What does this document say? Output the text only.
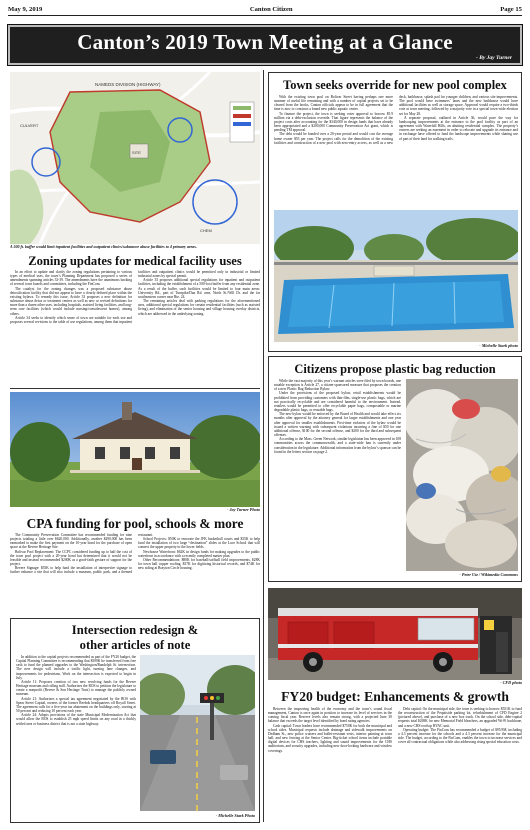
May 9, 2019	Canton Citizen	Page 15
Canton’s 2019 Town Meeting at a Glance
- By Jay Turner
NAMEDS DIVISION (HIGHWAY)
CULVERT
SITE
CHEM
A 500 ft. buffer would limit inpatient facilities and outpatient clinics/substance abuse facilities to 4 primary areas.
Zoning updates for medical facility uses

In an effort to update and clarify the zoning regulations pertaining to various types of medical uses, the town’s Planning Department has proposed a series of amendments spanning articles 33-39. The amendments have the unanimous backing of several town boards and committees, including the FinCom.

The catalyst for the zoning changes was a proposed substance abuse detoxification facility that did not appear to have a clearly defined place within the existing bylaws. To remedy this issue, Article 33 proposes a new definition for substance abuse detox or treatment centers as well as new or revised definitions for more than a dozen other uses, including hospitals, assisted living facilities, and long-term care facilities (which would include nursing/convalescent homes), among others.

Article 34 seeks to identify which sense of town are suitable for each use and proposes several revisions to the table of use regulations, among them that inpatient facilities and outpatient clinics would be permitted only in industrial or limited industrial zones by special permit.

Article 35 proposes additional special regulations for inpatient and outpatient facilities, including the establishment of a 500-foot buffer from any residential zone. As a result of the buffer, such facilities would be limited to four main areas: University Rd., part of Turnpike/Dan Rd. area, North St./Will Dr. and the far southeastern corner near Rte. 24.

The remaining articles deal with parking regulations for the aforementioned uses, additional special regulations for certain residential facilities (such as assisted living), and elimination of the senior housing and village housing overlay districts, which are addressed in the underlying zoning.

- Jay Turner Photo
CPA funding for pool, schools & more

The Community Preservation Committee has recommended funding for nine projects totaling a little over $620,000. Additionally, another $290,000 has been earmarked to make the first payment on the 10-year bond for the purchase of open space at the Revere Heritage Site.

Bolivar Pool Replacement: The CCPC considered funding up to half the cost of the town pool project with a 20-year bond but determined that it would not be feasible and instead recommended $200K as a good-faith gesture of support for the project.

Revere Signage: $55K to help fund the installation of interpretive signage to further enhance a site that will also include a museum, public park, and a themed restaurant.

School Projects: $50K to renovate the JFK basketball courts and $35K to help fund the installation of two large “destination” slides at the Luce School that will connect the upper property to the lower fields.

Newhouse Waterfront: $62K in design funds for making upgrades to the public waterfront in accordance with a recently completed master plan.

Other Recommendations: $80K for baseball/softball field improvements, $28K for town hall copper roofing, $37K for digitizing historical records, and $74K for new siding at Brayton Circle housing.

Intersection redesign &
other articles of note

In addition to the capital projects recommended as part of the FY20 budget, the Capital Planning Committee is recommending that $500K be transferred from free cash to fund the planned upgrades to the Washington/Randolph St. intersection. The new design will include a traffic light, turning lane changes, and improvements for pedestrians. Work on the intersection is expected to begin in July.

Article 11: Proposes creation of two new revolving funds for the Revere Heritage museum and rolling mill. Authorizes the BOS to petition the legislature to create a nonprofit (Revere & Son Heritage Trust) to manage the publicly owned museum.

Article 21: Authorizes a special tax agreement negotiated by the BOS with Spear Street Capital, owners of the former Reebok headquarters off Royall Street. The agreement calls for a five-year tax abatement on the buildings only, starting at 50 percent and reducing 10 percent each year.

Article 24: Adopts provisions of the state Municipal Modernization Act that would allow the BOS to establish 25 mph speed limits on any road in a thickly settled area or business district that is not a state highway.

- Michelle Stark Photo
Town seeks override for new pool complex

With the existing town pool on Bolivar Street having perhaps one more summer of useful life remaining and with a number of capital projects set to be cleared from the books, Canton officials appear to be in full agreement that the time is now to construct a brand new public aquatic center.

To finance the project, the town is seeking voter approval to borrow $5.9 million via a debt-exclusion override. That figure represents the balance of the project costs after accounting for the $340,000 in design funds that have already been appropriated and a $200,000 Community Preservation Act grant, which is pending TM approval.

The debt would be bonded over a 20-year period and would cost the average home owner $53 per year. The project calls for the demolition of the existing facilities and construction of a new pool with zero-entry access, as well as a new deck, bathhouse, splash pad for younger children, and various site improvements. The pool would have swimmers’ lanes and the new bathhouse would have additional facilities as well as storage space. Approval would require a two-thirds vote at town meeting, followed by a majority vote in a special town-wide election set for May 28.

A separate proposal, outlined in Article 36, would pave the way for landscaping improvements at the entrance to the pool facility as part of an agreement with Waterfall Hills, an abutting residential complex. The property’s owners are seeking an easement in order to relocate and upgrade its entrance and in exchange have offered to fund the landscape improvements while sharing use of part of their land for walking trails.

- Michelle Stark photo
Citizens propose plastic bag reduction

While the vast majority of this year’s warrant articles were filed by town boards, one notable exception is Article 27, a citizen-sponsored measure that proposes the creation of a new Plastic Bag Reduction Bylaw.

Under the provisions of the proposed bylaw, retail establishments would be prohibited from providing customers with thin-film, single-use plastic bags, which are not practically recyclable and are considered harmful to the environment. Instead, retailers would be permitted to offer recyclable paper bags, compostable or marine degradable plastic bags, or reusable bags.

The new bylaw would be enforced by the Board of Health and would take effect six months after approval by the attorney general for larger establishments and one year after approval for smaller establishments. First-time violators of the bylaw would be issued a written warning with subsequent violations incurring a fine of $50 for one additional offense, $100 for the second offense, and $200 for the third and subsequent offenses.

According to the Mass. Green Network, similar legislation has been approved in 108 communities across the commonwealth, and a state-wide ban is currently under consideration in the legislature. Additional information from the bylaw’s sponsor can be found in the letters section on page 2.

- Peter Utz / Wikimedia Commons
- CFD photo
FY20 budget: Enhancements & growth

Between the improving health of the economy and the town’s sound fiscal management, Canton is once again in position to increase its level of services in the coming fiscal year. Reserve levels also remain strong, with a projected June 30 balance that exceeds the target level identified by bond rating agencies.

Cash capital: Town leaders have recommended $750K for both the municipal and school sides. Municipal requests include drainage and sidewalk improvements on Dedham St., new police cruisers and bullet-resistant vests, interior painting at town hall, and new fencing at the Senior Center. Big-ticket school items include portable digital devices for CHS teachers, lighting and sound improvements for the CHS auditorium, and security upgrades, including new door-locking hardware and window coverings.

Debt capital: On the municipal side, the town is seeking to borrow $551K to fund the reconstruction of the Pequitside parking lot, refurbishment of CFD Engine 2 (pictured above), and purchase of a new box truck. On the school side, debt-capital requests total $269K for new Memorial Field bleachers, an upgraded Wi-Fi backbone, and a new CHS rooftop HVAC unit.

Operating budget: The FinCom has recommended a budget of $95.9M, including a 4.3 percent increase for the schools and a 4.3 percent increase for the municipal side. The budget, according to the FinCom, enables the town to increase services and cover all contractual obligations while also addressing rising special education costs.
